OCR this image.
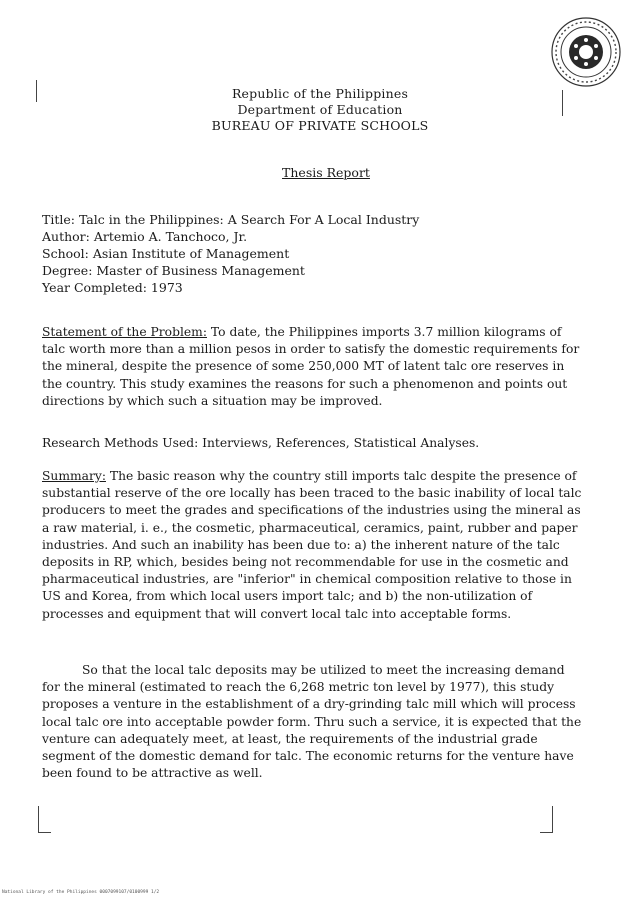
Republic of the Philippines
Department of Education
BUREAU OF PRIVATE SCHOOLS
Thesis Report
Title: Talc in the Philippines: A Search For A Local Industry
Author: Artemio A. Tanchoco, Jr.
School: Asian Institute of Management
Degree: Master of Business Management
Year Completed: 1973
Statement of the Problem: To date, the Philippines imports 3.7 million kilograms of talc worth more than a million pesos in order to satisfy the domestic requirements for the mineral, despite the presence of some 250,000 MT of latent talc ore reserves in the country. This study examines the reasons for such a phenomenon and points out directions by which such a situation may be improved.
Research Methods Used: Interviews, References, Statistical Analyses.
Summary: The basic reason why the country still imports talc despite the presence of substantial reserve of the ore locally has been traced to the basic inability of local talc producers to meet the grades and specifications of the industries using the mineral as a raw material, i. e., the cosmetic, pharmaceutical, ceramics, paint, rubber and paper industries. And such an inability has been due to: a) the inherent nature of the talc deposits in RP, which, besides being not recommendable for use in the cosmetic and pharmaceutical industries, are "inferior" in chemical composition relative to those in US and Korea, from which local users import talc; and b) the non-utilization of processes and equipment that will convert local talc into acceptable forms.
So that the local talc deposits may be utilized to meet the increasing demand for the mineral (estimated to reach the 6,268 metric ton level by 1977), this study proposes a venture in the establishment of a dry-grinding talc mill which will process local talc ore into acceptable powder form. Thru such a service, it is expected that the venture can adequately meet, at least, the requirements of the industrial grade segment of the domestic demand for talc. The economic returns for the venture have been found to be attractive as well.
National Library of the Philippines 0007099107/0100999 1/2
